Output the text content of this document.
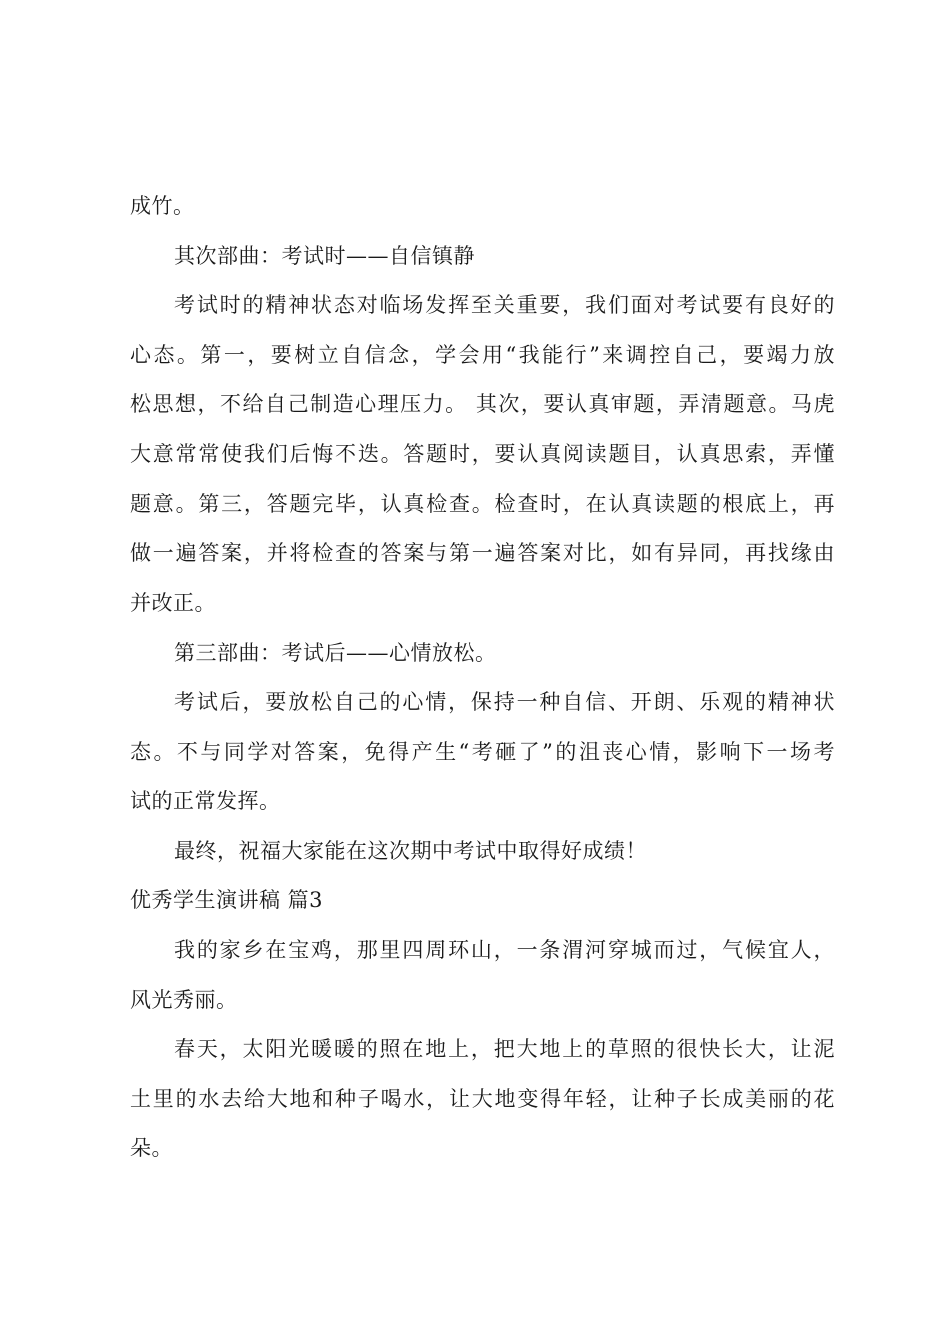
成竹。
其次部曲：考试时——自信镇静
考试时的精神状态对临场发挥至关重要，我们面对考试要有良好的
心态。第一，要树立自信念，学会用“我能行”来调控自己，要竭力放
松思想，不给自己制造心理压力。 其次，要认真审题，弄清题意。马虎
大意常常使我们后悔不迭。答题时，要认真阅读题目，认真思索，弄懂
题意。第三，答题完毕，认真检查。检查时，在认真读题的根底上，再
做一遍答案，并将检查的答案与第一遍答案对比，如有异同，再找缘由
并改正。
第三部曲：考试后——心情放松。
考试后，要放松自己的心情，保持一种自信、开朗、乐观的精神状
态。不与同学对答案，免得产生“考砸了”的沮丧心情，影响下一场考
试的正常发挥。
最终，祝福大家能在这次期中考试中取得好成绩！
优秀学生演讲稿 篇3
我的家乡在宝鸡，那里四周环山，一条渭河穿城而过，气候宜人，
风光秀丽。
春天，太阳光暖暖的照在地上，把大地上的草照的很快长大，让泥
土里的水去给大地和种子喝水，让大地变得年轻，让种子长成美丽的花
朵。
